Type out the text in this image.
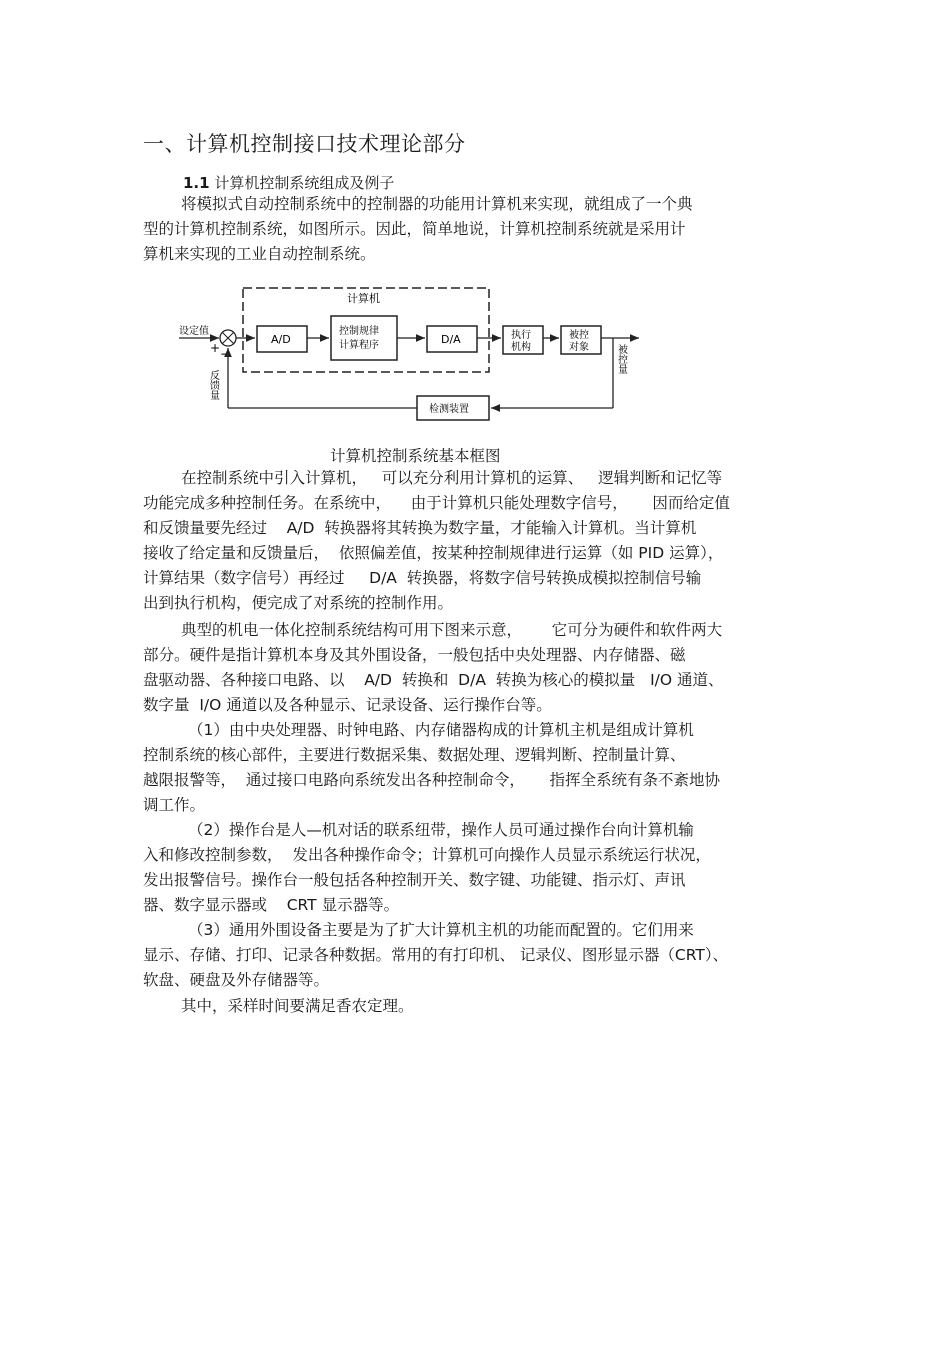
一、计算机控制接口技术理论部分
1.1 计算机控制系统组成及例子
将模拟式自动控制系统中的控制器的功能用计算机来实现，就组成了一个典
型的计算机控制系统，如图所示。因此，简单地说，计算机控制系统就是采用计
算机来实现的工业自动控制系统。
计算机
设定值
+ −
反馈量
A/D
控制规律
计算程序	D/A	执行
机构
被控
对象	被控量
检测装置
计算机控制系统基本框图
在控制系统中引入计算机，   可以充分利用计算机的运算、   逻辑判断和记忆等
功能完成多种控制任务。在系统中，    由于计算机只能处理数字信号，     因而给定值
和反馈量要先经过    A/D  转换器将其转换为数字量，才能输入计算机。当计算机
接收了给定量和反馈量后，  依照偏差值，按某种控制规律进行运算（如 PID 运算），
计算结果（数字信号）再经过     D/A  转换器，将数字信号转换成模拟控制信号输
出到执行机构，便完成了对系统的控制作用。
典型的机电一体化控制系统结构可用下图来示意，      它可分为硬件和软件两大
部分。硬件是指计算机本身及其外围设备，一般包括中央处理器、内存储器、磁
盘驱动器、各种接口电路、以    A/D  转换和  D/A  转换为核心的模拟量   I/O 通道、
数字量  I/O 通道以及各种显示、记录设备、运行操作台等。
（1）由中央处理器、时钟电路、内存储器构成的计算机主机是组成计算机
控制系统的核心部件，主要进行数据采集、数据处理、逻辑判断、控制量计算、
越限报警等，  通过接口电路向系统发出各种控制命令，     指挥全系统有条不紊地协
调工作。
（2）操作台是人—机对话的联系纽带，操作人员可通过操作台向计算机输
入和修改控制参数，  发出各种操作命令；计算机可向操作人员显示系统运行状况，
发出报警信号。操作台一般包括各种控制开关、数字键、功能键、指示灯、声讯
器、数字显示器或    CRT 显示器等。
（3）通用外围设备主要是为了扩大计算机主机的功能而配置的。它们用来
显示、存储、打印、记录各种数据。常用的有打印机、 记录仪、图形显示器（CRT）、
软盘、硬盘及外存储器等。
其中，采样时间要满足香农定理。
